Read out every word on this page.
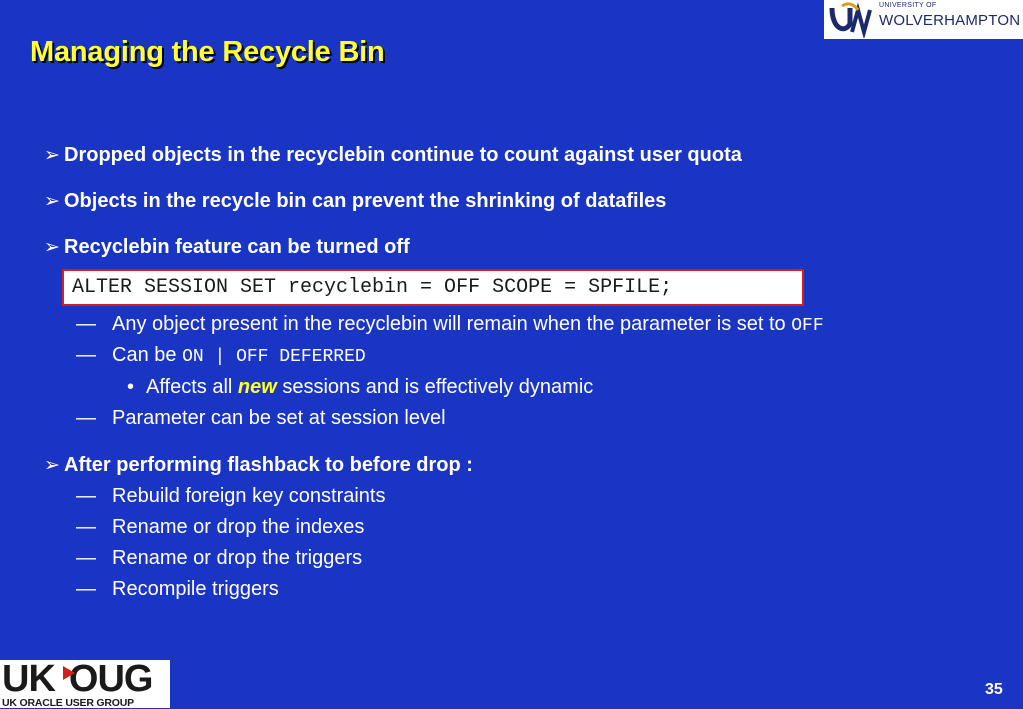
Managing the Recycle Bin
UNIVERSITY OF
WOLVERHAMPTON
➢ Dropped objects in the recyclebin continue to count against user quota
➢ Objects in the recycle bin can prevent the shrinking of datafiles
➢ Recyclebin feature can be turned off
ALTER SESSION SET recyclebin = OFF SCOPE = SPFILE;
— Any object present in the recyclebin will remain when the parameter is set to OFF
— Can be ON | OFF DEFERRED
• Affects all new sessions and is effectively dynamic
— Parameter can be set at session level
➢ After performing flashback to before drop :
— Rebuild foreign key constraints
— Rename or drop the indexes
— Rename or drop the triggers
— Recompile triggers
UK OUG
UK ORACLE USER GROUP
35
